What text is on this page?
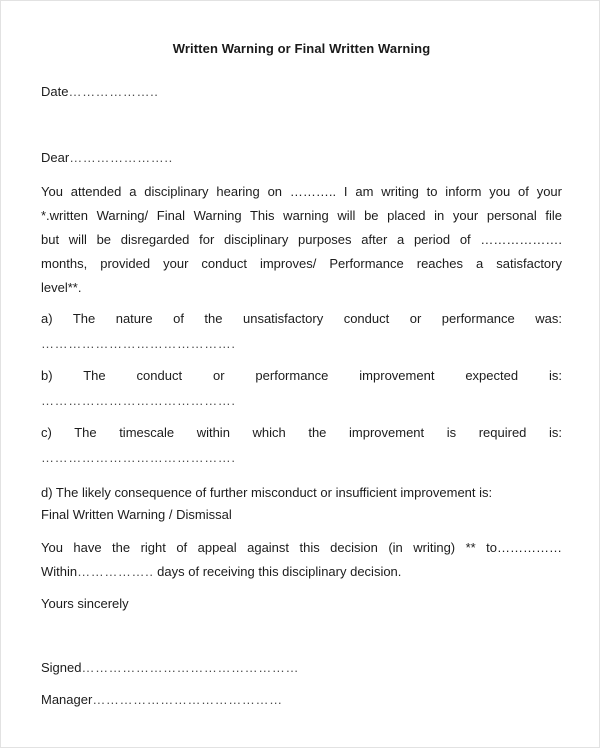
Written Warning or Final Written Warning
Date………………..
Dear…………………..
You attended a disciplinary hearing on ……….. I am writing to inform you of your
*.written Warning/ Final Warning This warning will be placed in your personal file
but will be disregarded for disciplinary purposes after a period of ……………….
months, provided your conduct improves/ Performance reaches a satisfactory
level**.
a) The nature of the unsatisfactory conduct or performance was:
…………………………………….
b) The conduct or performance improvement expected is:
…………………………………….
c) The timescale within which the improvement is required is:
…………………………………….
d) The likely consequence of further misconduct or insufficient improvement is:
Final Written Warning / Dismissal
You have the right of appeal against this decision (in writing) ** to……………
Within…………….. days of receiving this disciplinary decision.
Yours sincerely
Signed…………………………………………
Manager……………………………………
